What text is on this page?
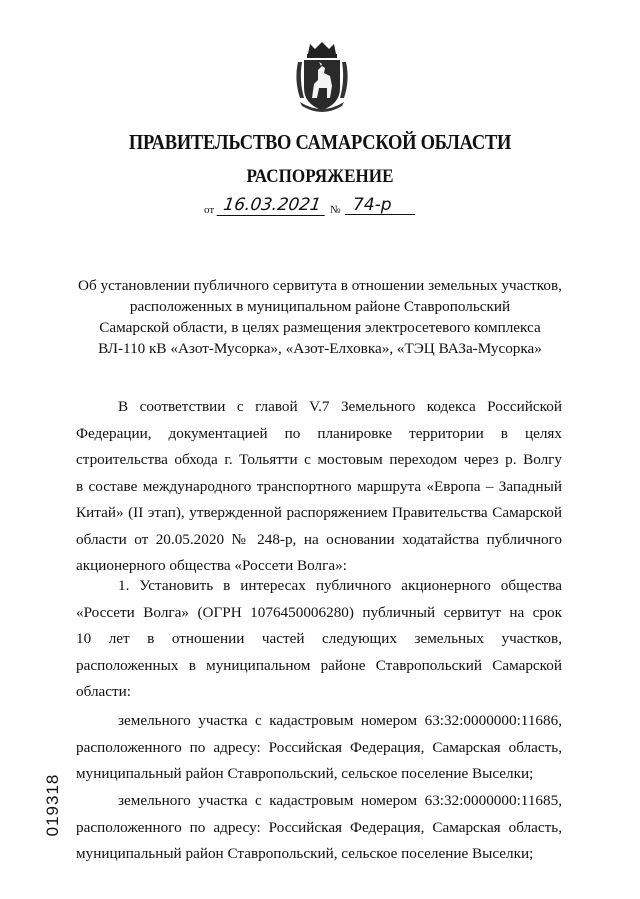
ПРАВИТЕЛЬСТВО САМАРСКОЙ ОБЛАСТИ
РАСПОРЯЖЕНИЕ
от 16.03.2021 № 74-р
Об установлении публичного сервитута в отношении земельных участков,
расположенных в муниципальном районе Ставропольский
Самарской области, в целях размещения электросетевого комплекса
ВЛ-110 кВ «Азот-Мусорка», «Азот-Елховка», «ТЭЦ ВАЗа-Мусорка»
В соответствии с главой V.7 Земельного кодекса Российской
Федерации, документацией по планировке территории в целях
строительства обхода г. Тольятти с мостовым переходом через р. Волгу
в составе международного транспортного маршрута «Европа – Западный
Китай» (II этап), утвержденной распоряжением Правительства Самарской
области от 20.05.2020 № 248-р, на основании ходатайства публичного
акционерного общества «Россети Волга»:
1. Установить в интересах публичного акционерного общества
«Россети Волга» (ОГРН 1076450006280) публичный сервитут на срок
10 лет в отношении частей следующих земельных участков,
расположенных в муниципальном районе Ставропольский Самарской
области:
земельного участка с кадастровым номером 63:32:0000000:11686,
расположенного по адресу: Российская Федерация, Самарская область,
муниципальный район Ставропольский, сельское поселение Выселки;
земельного участка с кадастровым номером 63:32:0000000:11685,
расположенного по адресу: Российская Федерация, Самарская область,
муниципальный район Ставропольский, сельское поселение Выселки;
019318
